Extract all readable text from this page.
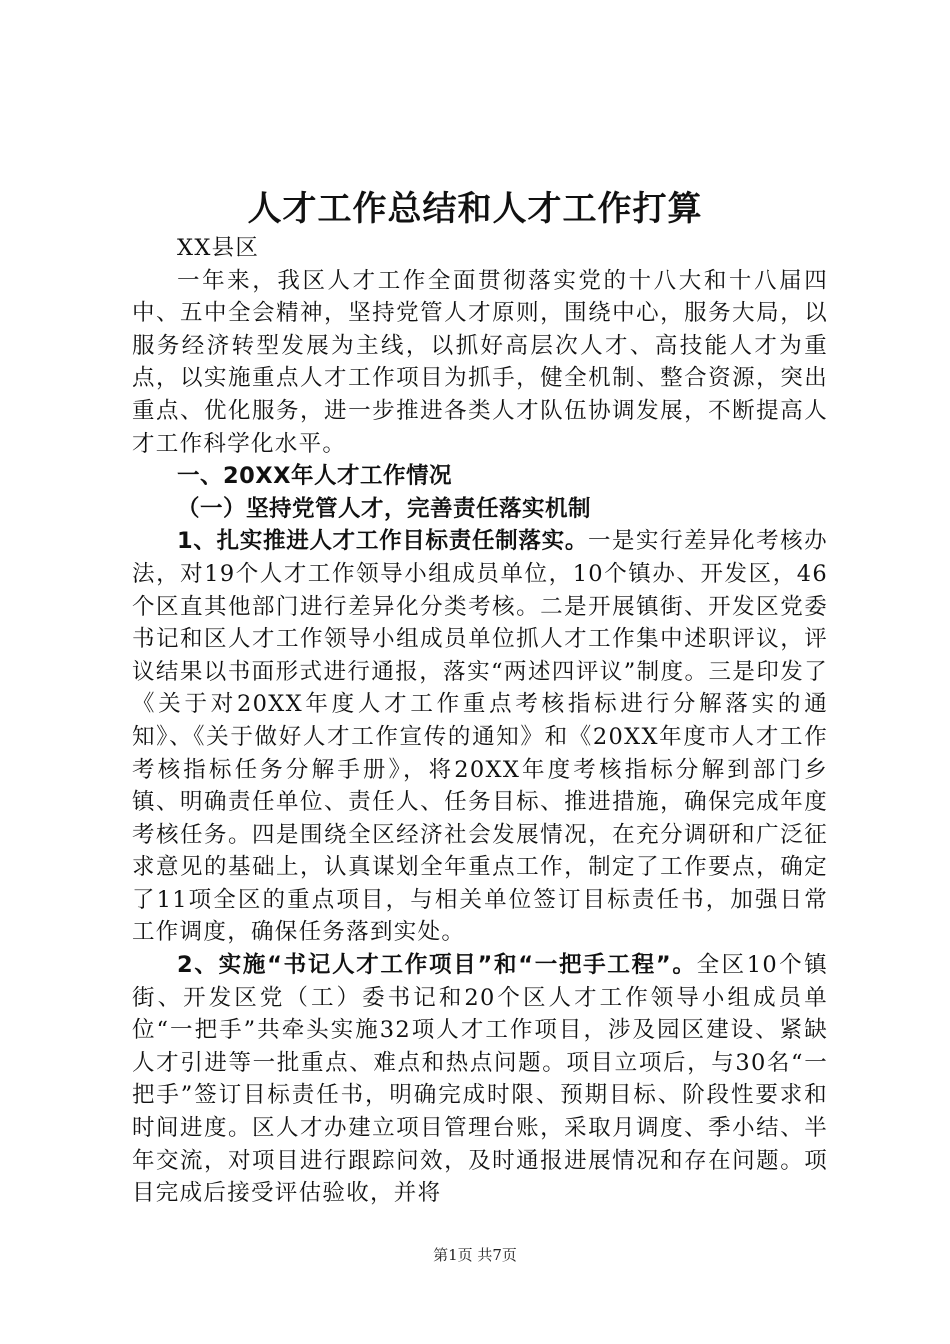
人才工作总结和人才工作打算

XX县区

一年来，我区人才工作全面贯彻落实党的十八大和十八届四中、五中全会精神，坚持党管人才原则，围绕中心，服务大局，以服务经济转型发展为主线，以抓好高层次人才、高技能人才为重点，以实施重点人才工作项目为抓手，健全机制、整合资源，突出重点、优化服务，进一步推进各类人才队伍协调发展，不断提高人才工作科学化水平。

一、20XX年人才工作情况

（一）坚持党管人才，完善责任落实机制

1、扎实推进人才工作目标责任制落实。一是实行差异化考核办法，对19个人才工作领导小组成员单位，10个镇办、开发区，46个区直其他部门进行差异化分类考核。二是开展镇街、开发区党委书记和区人才工作领导小组成员单位抓人才工作集中述职评议，评议结果以书面形式进行通报，落实“两述四评议”制度。三是印发了《关于对20XX年度人才工作重点考核指标进行分解落实的通知》、《关于做好人才工作宣传的通知》和《20XX年度市人才工作考核指标任务分解手册》，将20XX年度考核指标分解到部门乡镇、明确责任单位、责任人、任务目标、推进措施，确保完成年度考核任务。四是围绕全区经济社会发展情况，在充分调研和广泛征求意见的基础上，认真谋划全年重点工作，制定了工作要点，确定了11项全区的重点项目，与相关单位签订目标责任书，加强日常工作调度，确保任务落到实处。

2、实施“书记人才工作项目”和“一把手工程”。全区10个镇街、开发区党（工）委书记和20个区人才工作领导小组成员单位“一把手”共牵头实施32项人才工作项目，涉及园区建设、紧缺人才引进等一批重点、难点和热点问题。项目立项后，与30名“一把手”签订目标责任书，明确完成时限、预期目标、阶段性要求和时间进度。区人才办建立项目管理台账，采取月调度、季小结、半年交流，对项目进行跟踪问效，及时通报进展情况和存在问题。项目完成后接受评估验收，并将

第1页 共7页
